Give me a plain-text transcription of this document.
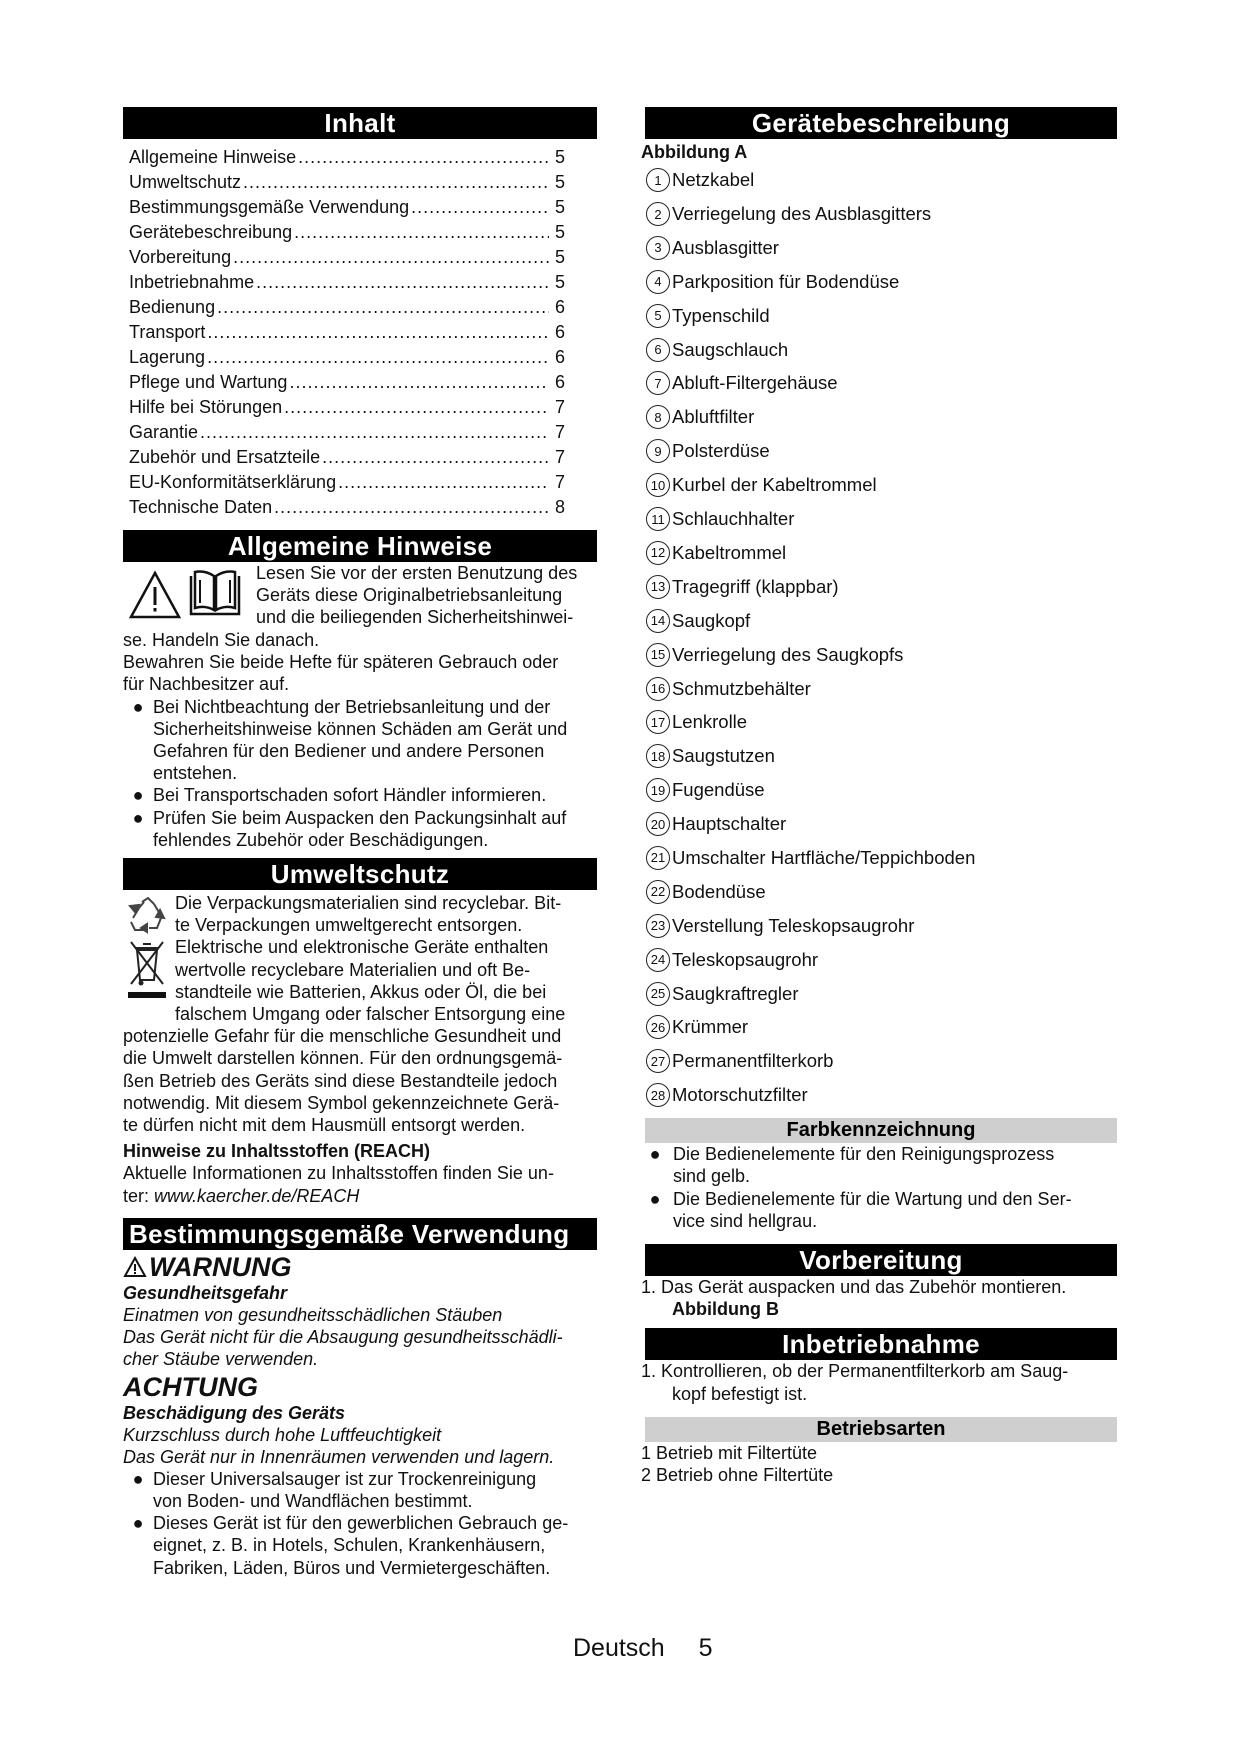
Inhalt
Allgemeine Hinweise .....	5
Umweltschutz .....	5
Bestimmungsgemäße Verwendung .....	5
Gerätebeschreibung .....	5
Vorbereitung .....	5
Inbetriebnahme .....	5
Bedienung .....	6
Transport .....	6
Lagerung .....	6
Pflege und Wartung .....	6
Hilfe bei Störungen .....	7
Garantie .....	7
Zubehör und Ersatzteile .....	7
EU-Konformitätserklärung .....	7
Technische Daten .....	8
Allgemeine Hinweise
Lesen Sie vor der ersten Benutzung des
Geräts diese Originalbetriebsanleitung
und die beiliegenden Sicherheitshinwei-
se. Handeln Sie danach.
Bewahren Sie beide Hefte für späteren Gebrauch oder
für Nachbesitzer auf.
● Bei Nichtbeachtung der Betriebsanleitung und der
Sicherheitshinweise können Schäden am Gerät und
Gefahren für den Bediener und andere Personen
entstehen.
● Bei Transportschaden sofort Händler informieren.
● Prüfen Sie beim Auspacken den Packungsinhalt auf
fehlendes Zubehör oder Beschädigungen.
Umweltschutz
Die Verpackungsmaterialien sind recyclebar. Bit-
te Verpackungen umweltgerecht entsorgen.
Elektrische und elektronische Geräte enthalten
wertvolle recyclebare Materialien und oft Be-
standteile wie Batterien, Akkus oder Öl, die bei
falschem Umgang oder falscher Entsorgung eine
potenzielle Gefahr für die menschliche Gesundheit und
die Umwelt darstellen können. Für den ordnungsgemä-
ßen Betrieb des Geräts sind diese Bestandteile jedoch
notwendig. Mit diesem Symbol gekennzeichnete Gerä-
te dürfen nicht mit dem Hausmüll entsorgt werden.
Hinweise zu Inhaltsstoffen (REACH)
Aktuelle Informationen zu Inhaltsstoffen finden Sie un-
ter: www.kaercher.de/REACH
Bestimmungsgemäße Verwendung
WARNUNG
Gesundheitsgefahr
Einatmen von gesundheitsschädlichen Stäuben
Das Gerät nicht für die Absaugung gesundheitsschädli-
cher Stäube verwenden.
ACHTUNG
Beschädigung des Geräts
Kurzschluss durch hohe Luftfeuchtigkeit
Das Gerät nur in Innenräumen verwenden und lagern.
● Dieser Universalsauger ist zur Trockenreinigung
von Boden- und Wandflächen bestimmt.
● Dieses Gerät ist für den gewerblichen Gebrauch ge-
eignet, z. B. in Hotels, Schulen, Krankenhäusern,
Fabriken, Läden, Büros und Vermietergeschäften.
Gerätebeschreibung
Abbildung A
1 Netzkabel
2 Verriegelung des Ausblasgitters
3 Ausblasgitter
4 Parkposition für Bodendüse
5 Typenschild
6 Saugschlauch
7 Abluft-Filtergehäuse
8 Abluftfilter
9 Polsterdüse
10 Kurbel der Kabeltrommel
11 Schlauchhalter
12 Kabeltrommel
13 Tragegriff (klappbar)
14 Saugkopf
15 Verriegelung des Saugkopfs
16 Schmutzbehälter
17 Lenkrolle
18 Saugstutzen
19 Fugendüse
20 Hauptschalter
21 Umschalter Hartfläche/Teppichboden
22 Bodendüse
23 Verstellung Teleskopsaugrohr
24 Teleskopsaugrohr
25 Saugkraftregler
26 Krümmer
27 Permanentfilterkorb
28 Motorschutzfilter
Farbkennzeichnung
● Die Bedienelemente für den Reinigungsprozess
sind gelb.
● Die Bedienelemente für die Wartung und den Ser-
vice sind hellgrau.
Vorbereitung
1. Das Gerät auspacken und das Zubehör montieren.
Abbildung B
Inbetriebnahme
1. Kontrollieren, ob der Permanentfilterkorb am Saug-
kopf befestigt ist.
Betriebsarten
1 Betrieb mit Filtertüte
2 Betrieb ohne Filtertüte
Deutsch 5
